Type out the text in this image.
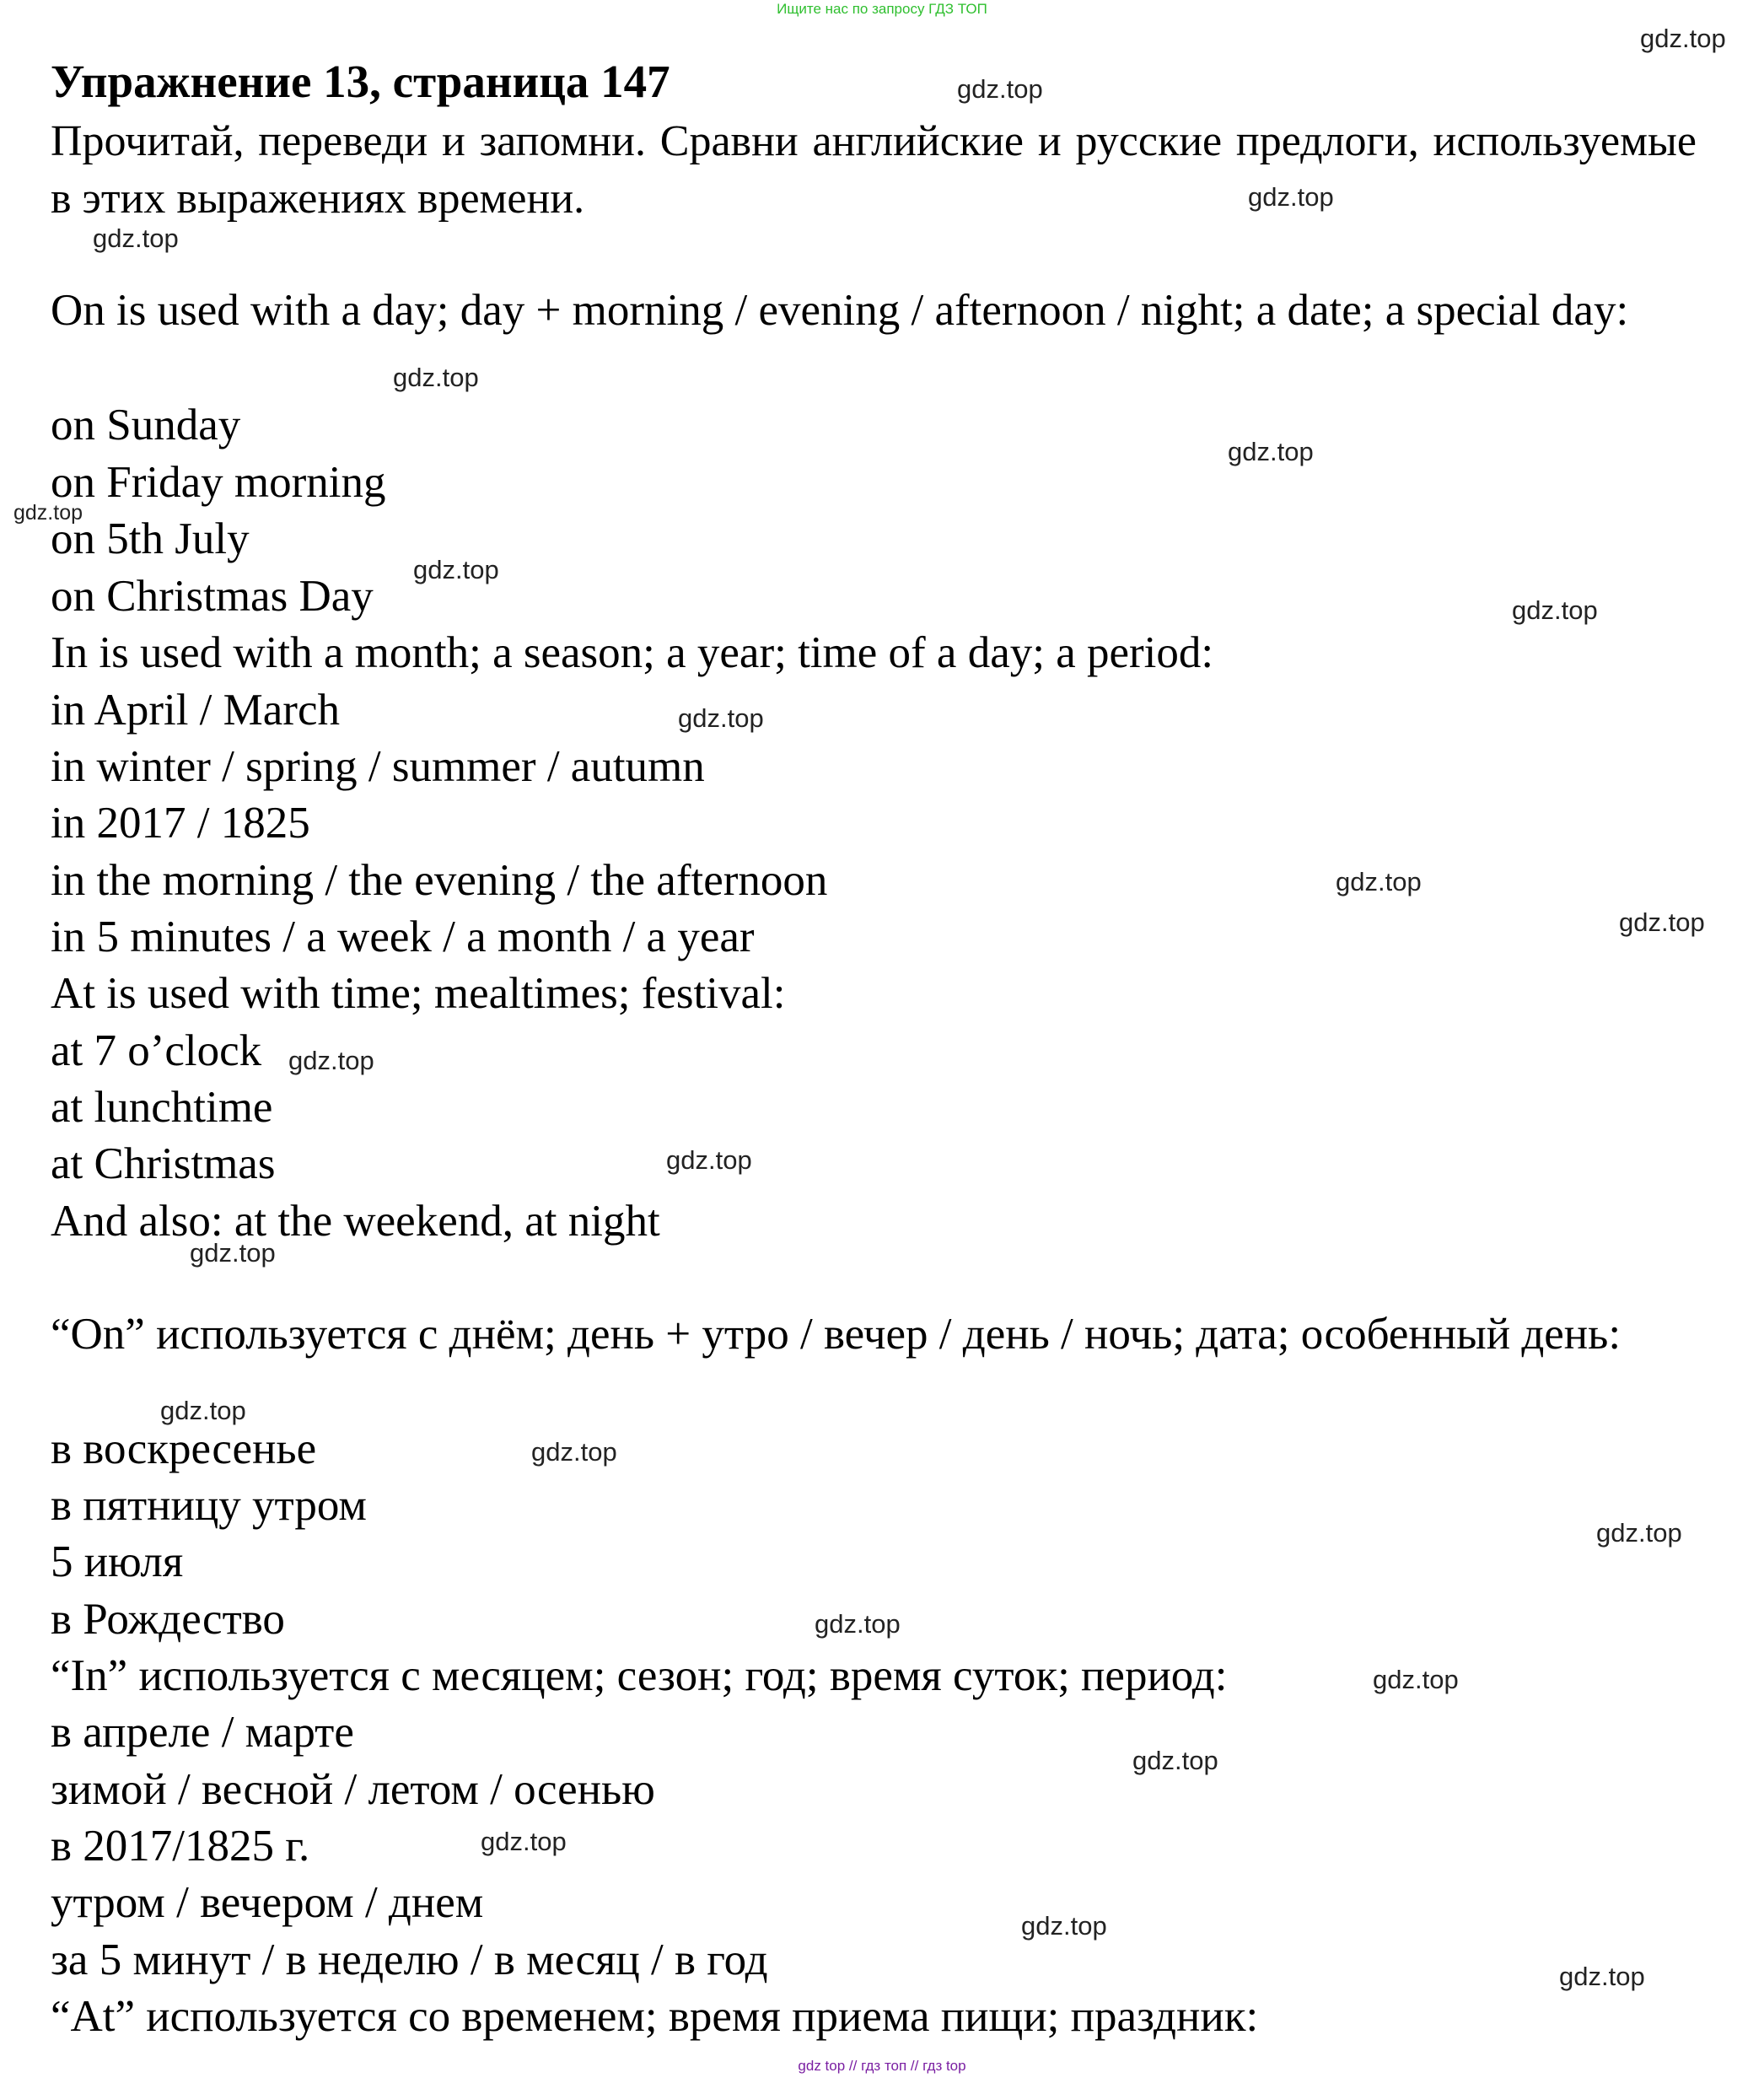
Ищите нас по запросу ГДЗ ТОП
Упражнение 13, страница 147
Прочитай, переведи и запомни. Сравни английские и русские предлоги, используемые в этих выражениях времени.
On is used with a day; day + morning / evening / afternoon / night; a date; a special day:
on Sunday
on Friday morning
on 5th July
on Christmas Day
In is used with a month; a season; a year; time of a day; a period:
in April / March
in winter / spring / summer / autumn
in 2017 / 1825
in the morning / the evening / the afternoon
in 5 minutes / a week / a month / a year
At is used with time; mealtimes; festival:
at 7 o’clock
at lunchtime
at Christmas
And also: at the weekend, at night
“On” используется с днём; день + утро / вечер / день / ночь; дата; особенный день:
в воскресенье
в пятницу утром
5 июля
в Рождество
“In” используется с месяцем; сезон; год; время суток; период:
в апреле / марте
зимой / весной / летом / осенью
в 2017/1825 г.
утром / вечером / днем
за 5 минут / в неделю / в месяц / в год
“At” используется со временем; время приема пищи; праздник:
gdz.top
gdz.top
gdz.top
gdz.top
gdz.top
gdz.top
gdz.top
gdz.top
gdz.top
gdz.top
gdz.top
gdz.top
gdz.top
gdz.top
gdz.top
gdz.top
gdz.top
gdz.top
gdz.top
gdz.top
gdz.top
gdz.top
gdz.top
gdz.top
gdz top // гдз топ // гдз top
